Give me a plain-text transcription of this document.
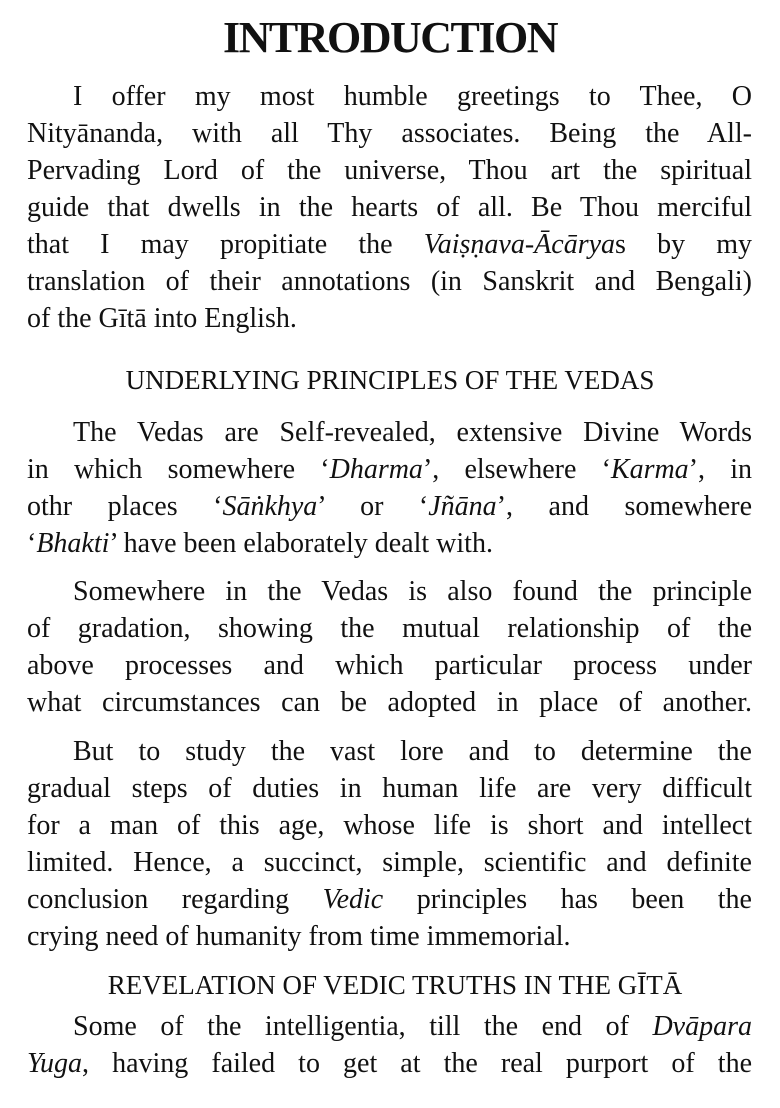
INTRODUCTION
I offer my most humble greetings to Thee, O
Nityānanda, with all Thy associates. Being the All-
Pervading Lord of the universe, Thou art the spiritual
guide that dwells in the hearts of all. Be Thou merciful
that I may propitiate the Vaiṣṇava-Ācāryas by my
translation of their annotations (in Sanskrit and Bengali)
of the Gītā into English.
UNDERLYING PRINCIPLES OF THE VEDAS
The Vedas are Self-revealed, extensive Divine Words
in which somewhere ‘Dharma’, elsewhere ‘Karma’, in
othr places ‘Sāṅkhya’ or ‘Jñāna’, and somewhere
‘Bhakti’ have been elaborately dealt with.
Somewhere in the Vedas is also found the principle
of gradation, showing the mutual relationship of the
above processes and which particular process under
what circumstances can be adopted in place of another.
But to study the vast lore and to determine the
gradual steps of duties in human life are very difficult
for a man of this age, whose life is short and intellect
limited. Hence, a succinct, simple, scientific and definite
conclusion regarding Vedic principles has been the
crying need of humanity from time immemorial.
REVELATION OF VEDIC TRUTHS IN THE GĪTĀ
Some of the intelligentia, till the end of Dvāpara
Yuga, having failed to get at the real purport of the
